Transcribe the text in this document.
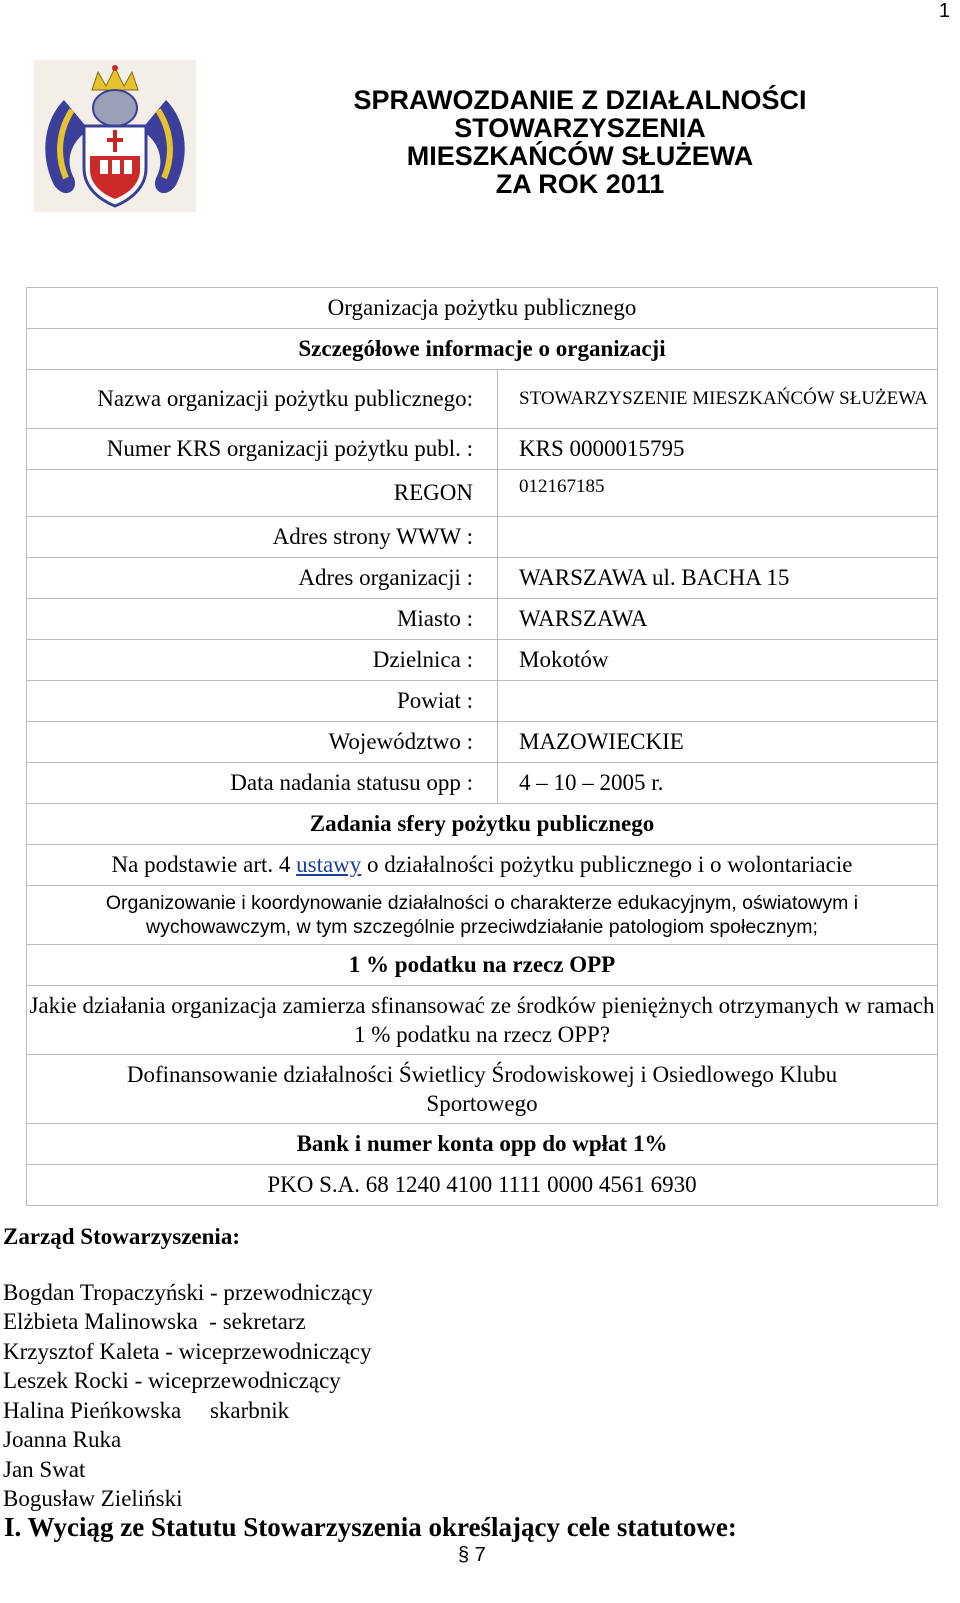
1
SPRAWOZDANIE Z DZIAŁALNOŚCI
STOWARZYSZENIA
MIESZKAŃCÓW SŁUŻEWA
ZA ROK 2011
Organizacja pożytku publicznego	
Szczegółowe informacje o organizacji	
Nazwa organizacji pożytku publicznego:	STOWARZYSZENIE MIESZKAŃCÓW SŁUŻEWA
Numer KRS organizacji pożytku publ. :	KRS 0000015795
REGON	012167185
Adres strony WWW :	
Adres organizacji :	WARSZAWA ul. BACHA 15
Miasto :	WARSZAWA
Dzielnica :	Mokotów
Powiat :	
Województwo :	MAZOWIECKIE
Data nadania statusu opp :	4 – 10 – 2005 r.
Zadania sfery pożytku publicznego	
Na podstawie art. 4 ustawy o działalności pożytku publicznego i o wolontariacie	
Organizowanie i koordynowanie działalności o charakterze edukacyjnym, oświatowym i wychowawczym, w tym szczególnie przeciwdziałanie patologiom społecznym;	
1 % podatku na rzecz OPP	
Jakie działania organizacja zamierza sfinansować ze środków pieniężnych otrzymanych w ramach 1 % podatku na rzecz OPP?	
Dofinansowanie działalności Świetlicy Środowiskowej i Osiedlowego Klubu Sportowego	
Bank i numer konta opp do wpłat 1%	
PKO S.A. 68 1240 4100 1111 0000 4561 6930	
Zarząd Stowarzyszenia:
Bogdan Tropaczyński - przewodniczący
Elżbieta Malinowska  - sekretarz
Krzysztof Kaleta - wiceprzewodniczący
Leszek Rocki - wiceprzewodniczący
Halina Pieńkowska     skarbnik
Joanna Ruka
Jan Swat
Bogusław Zieliński
I. Wyciąg ze Statutu Stowarzyszenia określający cele statutowe:
§ 7
